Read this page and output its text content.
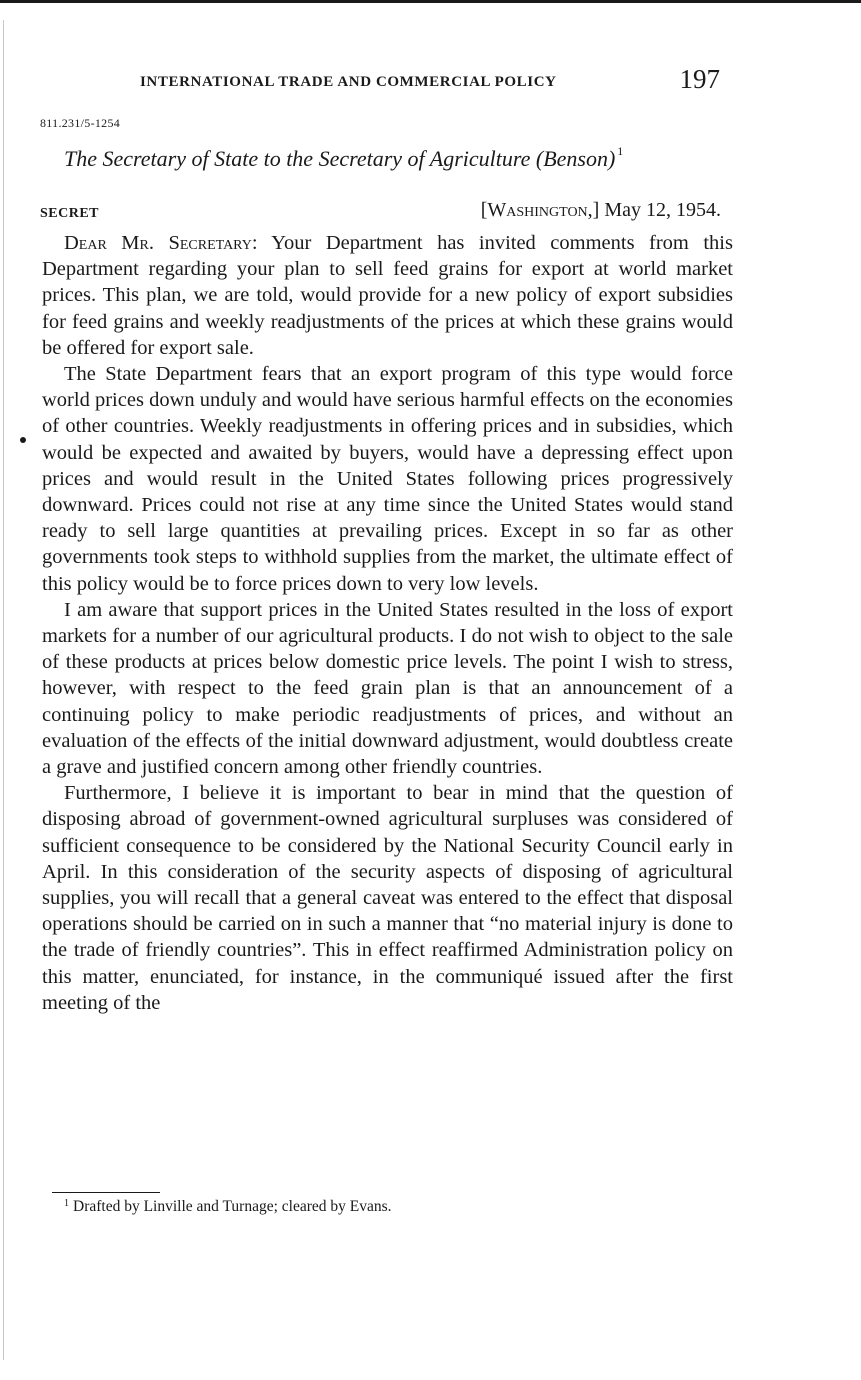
INTERNATIONAL TRADE AND COMMERCIAL POLICY	197
811.231/5-1254
The Secretary of State to the Secretary of Agriculture (Benson) $^1$
SECRET	[Washington,] May 12, 1954.

Dear Mr. Secretary: Your Department has invited comments from this Department regarding your plan to sell feed grains for export at world market prices. This plan, we are told, would provide for a new policy of export subsidies for feed grains and weekly readjustments of the prices at which these grains would be offered for export sale.

The State Department fears that an export program of this type would force world prices down unduly and would have serious harmful effects on the economies of other countries. Weekly readjustments in offering prices and in subsidies, which would be expected and awaited by buyers, would have a depressing effect upon prices and would result in the United States following prices progressively downward. Prices could not rise at any time since the United States would stand ready to sell large quantities at prevailing prices. Except in so far as other governments took steps to withhold supplies from the market, the ultimate effect of this policy would be to force prices down to very low levels.

I am aware that support prices in the United States resulted in the loss of export markets for a number of our agricultural products. I do not wish to object to the sale of these products at prices below domestic price levels. The point I wish to stress, however, with respect to the feed grain plan is that an announcement of a continuing policy to make periodic readjustments of prices, and without an evaluation of the effects of the initial downward adjustment, would doubtless create a grave and justified concern among other friendly countries.

Furthermore, I believe it is important to bear in mind that the question of disposing abroad of government-owned agricultural surpluses was considered of sufficient consequence to be considered by the National Security Council early in April. In this consideration of the security aspects of disposing of agricultural supplies, you will recall that a general caveat was entered to the effect that disposal operations should be carried on in such a manner that “no material injury is done to the trade of friendly countries”. This in effect reaffirmed Administration policy on this matter, enunciated, for instance, in the communiqué issued after the first meeting of the

$^1$ Drafted by Linville and Turnage; cleared by Evans.
